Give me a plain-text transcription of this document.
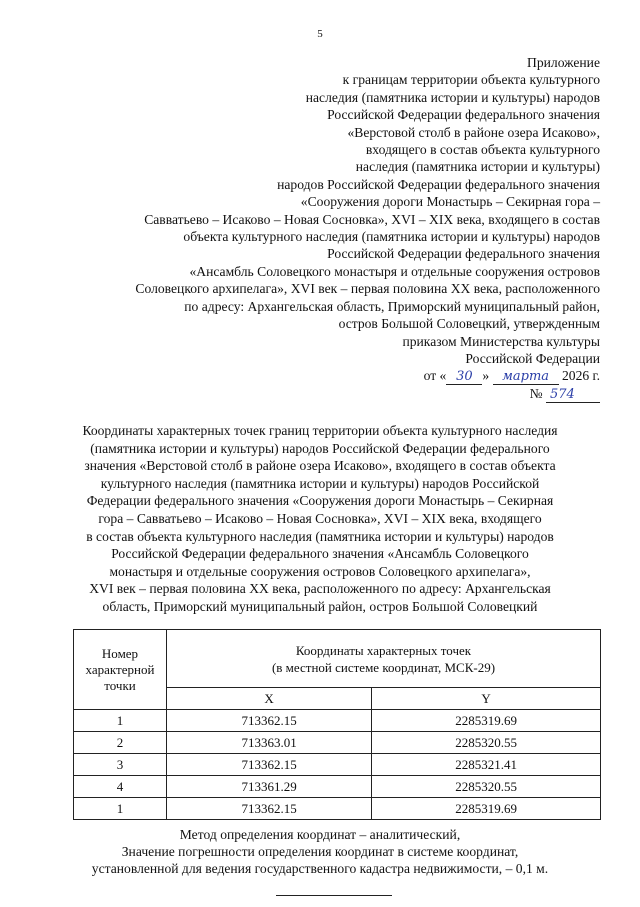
5
Приложение
к границам территории объекта культурного
наследия (памятника истории и культуры) народов
Российской Федерации федерального значения
«Верстовой столб в районе озера Исаково»,
входящего в состав объекта культурного
наследия (памятника истории и культуры)
народов Российской Федерации федерального значения
«Сооружения дороги Монастырь – Секирная гора –
Савватьево – Исаково – Новая Сосновка», XVI – XIX века, входящего в состав
объекта культурного наследия (памятника истории и культуры) народов
Российской Федерации федерального значения
«Ансамбль Соловецкого монастыря и отдельные сооружения островов
Соловецкого архипелага», XVI век – первая половина XX века, расположенного
по адресу: Архангельская область, Приморский муниципальный район,
остров Большой Соловецкий, утвержденным
приказом Министерства культуры
Российской Федерации
от « 30 » марта 2026 г.
№ 574
Координаты характерных точек границ территории объекта культурного наследия
(памятника истории и культуры) народов Российской Федерации федерального
значения «Верстовой столб в районе озера Исаково», входящего в состав объекта
культурного наследия (памятника истории и культуры) народов Российской
Федерации федерального значения «Сооружения дороги Монастырь – Секирная
гора – Савватьево – Исаково – Новая Сосновка», XVI – XIX века, входящего
в состав объекта культурного наследия (памятника истории и культуры) народов
Российской Федерации федерального значения «Ансамбль Соловецкого
монастыря и отдельные сооружения островов Соловецкого архипелага»,
XVI век – первая половина XX века, расположенного по адресу: Архангельская
область, Приморский муниципальный район, остров Большой Соловецкий
Номер
характерной
точки	Координаты характерных точек
(в местной системе координат, МСК-29)	
	X	Y
1	713362.15	2285319.69
2	713363.01	2285320.55
3	713362.15	2285321.41
4	713361.29	2285320.55
1	713362.15	2285319.69
Метод определения координат – аналитический,
Значение погрешности определения координат в системе координат,
установленной для ведения государственного кадастра недвижимости, – 0,1 м.
